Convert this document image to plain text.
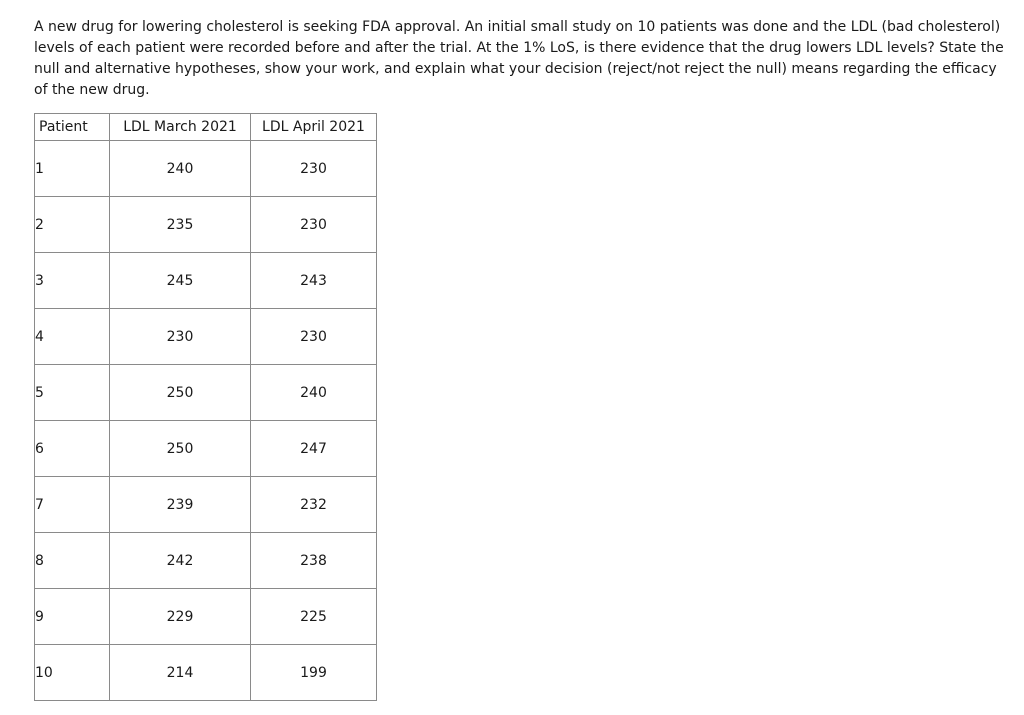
A new drug for lowering cholesterol is seeking FDA approval. An initial small study on 10 patients was done and the LDL (bad cholesterol) levels of each patient were recorded before and after the trial. At the 1% LoS, is there evidence that the drug lowers LDL levels? State the null and alternative hypotheses, show your work, and explain what your decision (reject/not reject the null) means regarding the efficacy of the new drug.

Patient	LDL March 2021	LDL April 2021

1	240	230

2	235	230

3	245	243

4	230	230

5	250	240

6	250	247

7	239	232

8	242	238

9	229	225

10	214	199
